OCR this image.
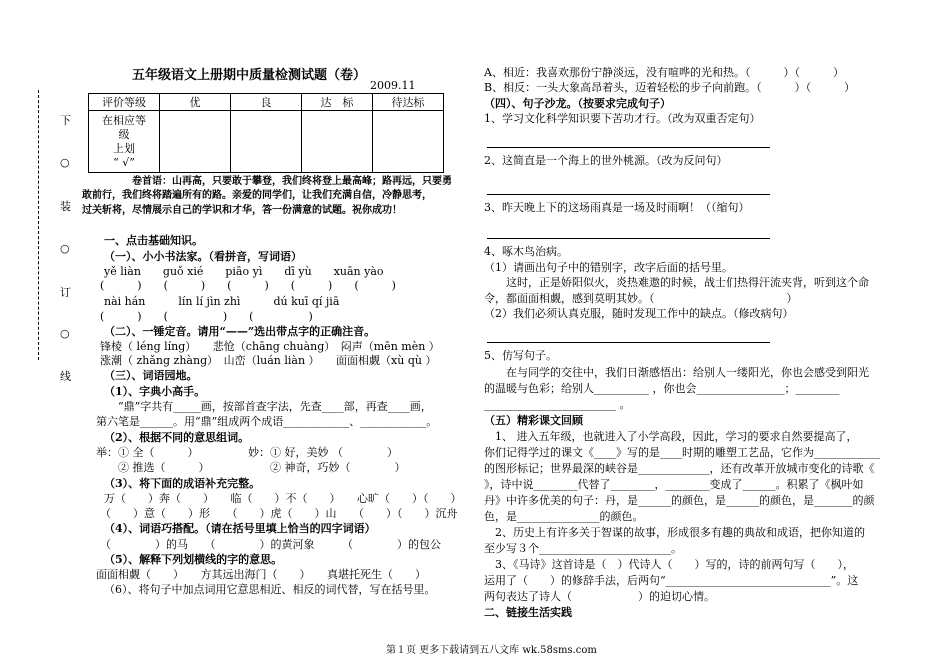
下
○
装
○
订
○
线
五年级语文上册期中质量检测试题（卷）
2009.11
评价等级	优	良	达　标	待达标

在相应等
级
上划
“ √”				

卷首语：山再高，只要敢于攀登，我们终将登上最高峰；路再远，只要勇
敢前行，我们终将踏遍所有的路。亲爱的同学们，让我们充满自信，冷静思考，
过关斩将，尽情展示自己的学识和才华，答一份满意的试题。祝你成功！
一、点击基础知识。
（一）、小小书法家。（看拼音，写词语）
yě liàn　　guǒ xié　　piāo yì　　dī yù　　xuān yào
(　　　)　　(　　　)　　(　　　)　　(　　　)　　(　　　)
nài hán　　　lín lí jìn zhì　　　dú kuī qí jiā
(　　　)　　(　　　　　)　　(　　　　　)
（二）、一锤定音。请用“——”选出带点字的正确注音。
锋棱（ léng líng）　　悲怆（chāng chuàng）　闷声（mēn mèn ）
涨潮（ zhǎng zhàng）　山峦（luán liàn ）　　面面相觑（xù qù ）
（三）、词语园地。
（1）、字典小高手。
“鼎”字共有_____画，按部首查字法，先查____部，再查____画，
第六笔是______。用“鼎”组成两个成语____________、____________。
（2）、根据不同的意思组词。
举：① 全（　　　）　　　　　妙：① 好，美妙 （　　　　）
　　② 推选（　　　）　　　　　　② 神奇，巧妙（　　　　）
（3）、将下面的成语补充完整。
万（　　）奔（　　）　　临（　　）不（　　）　　心旷（　　）（　　）
（　　）意（　　）形　　（　　）虎（　　）山　　（　　）（　　）沉舟
（4）、词语巧搭配。（请在括号里填上恰当的四字词语）
（　　　　）的马　　（　　　　）的黄河象　　　（　　　　）的包公
（5）、解释下列划横线的字的意思。
面面相觑（　　）　　方其远出海门（　　）　　真堪托死生（　　）
（6）、将句子中加点词用它意思相近、相反的词代替，写在括号里。
A、相近：我喜欢那份宁静淡远，没有喧哗的光和热。（　　　）（　　　）
B、相反：一头大象高昂着头，迈着轻松的步子向前跑。（　　　）（　　　）
（四）、句子沙龙。（按要求完成句子）
1、学习文化科学知识要下苦功才行。（改为双重否定句）
2、这简直是一个海上的世外桃源。（改为反问句）
3、昨天晚上下的这场雨真是一场及时雨啊！（（缩句）
4、啄木鸟治病。
（1）请画出句子中的错别字，改字后面的括号里。
　　这时，正是娇阳似火，炎热难遨的时候，战士们热得汗流夹背，听到这个命
令，都面面相觑，感到莫明其妙。（　　　　　　　　　　　　）
（2）我们必须认真克服，随时发现工作中的缺点。（修改病句）
5、仿写句子。
　　在与同学的交往中，我们日渐感悟出：给别人一缕阳光，你也会感受到阳光
的温暖与色彩；给别人__________ ，你也会________________；________
________________________ 。
（五）精彩课文回顾
　1、 进入五年级，也就进入了小学高段，因此，学习的要求自然要提高了，
你们记得学过的课文《____》写的是____时期的雕塑工艺品，它作为____________
的图形标记；世界最深的峡谷是_____________，还有改革开放城市变化的诗歌《
》，诗中说________代替了________，________变成了______。积累了《枫叶如
丹》中许多优美的句子：丹，是______的颜色，是______的颜色，是_______的颜
色，是_______________的颜色。
　2、历史上有许多关于智谋的故事，形成很多有趣的典故和成语，把你知道的
至少写３个________________________。
　3、《马诗》这首诗是（　）代诗人（　　）写的，诗的前两句写（　　），
运用了（　　）的修辞手法，后两句“______________________________”。这
两句表达了诗人（　　　　　　）的迫切心情。
二、链接生活实践
第１页 更多下载请到五八文库 wk.58sms.com
